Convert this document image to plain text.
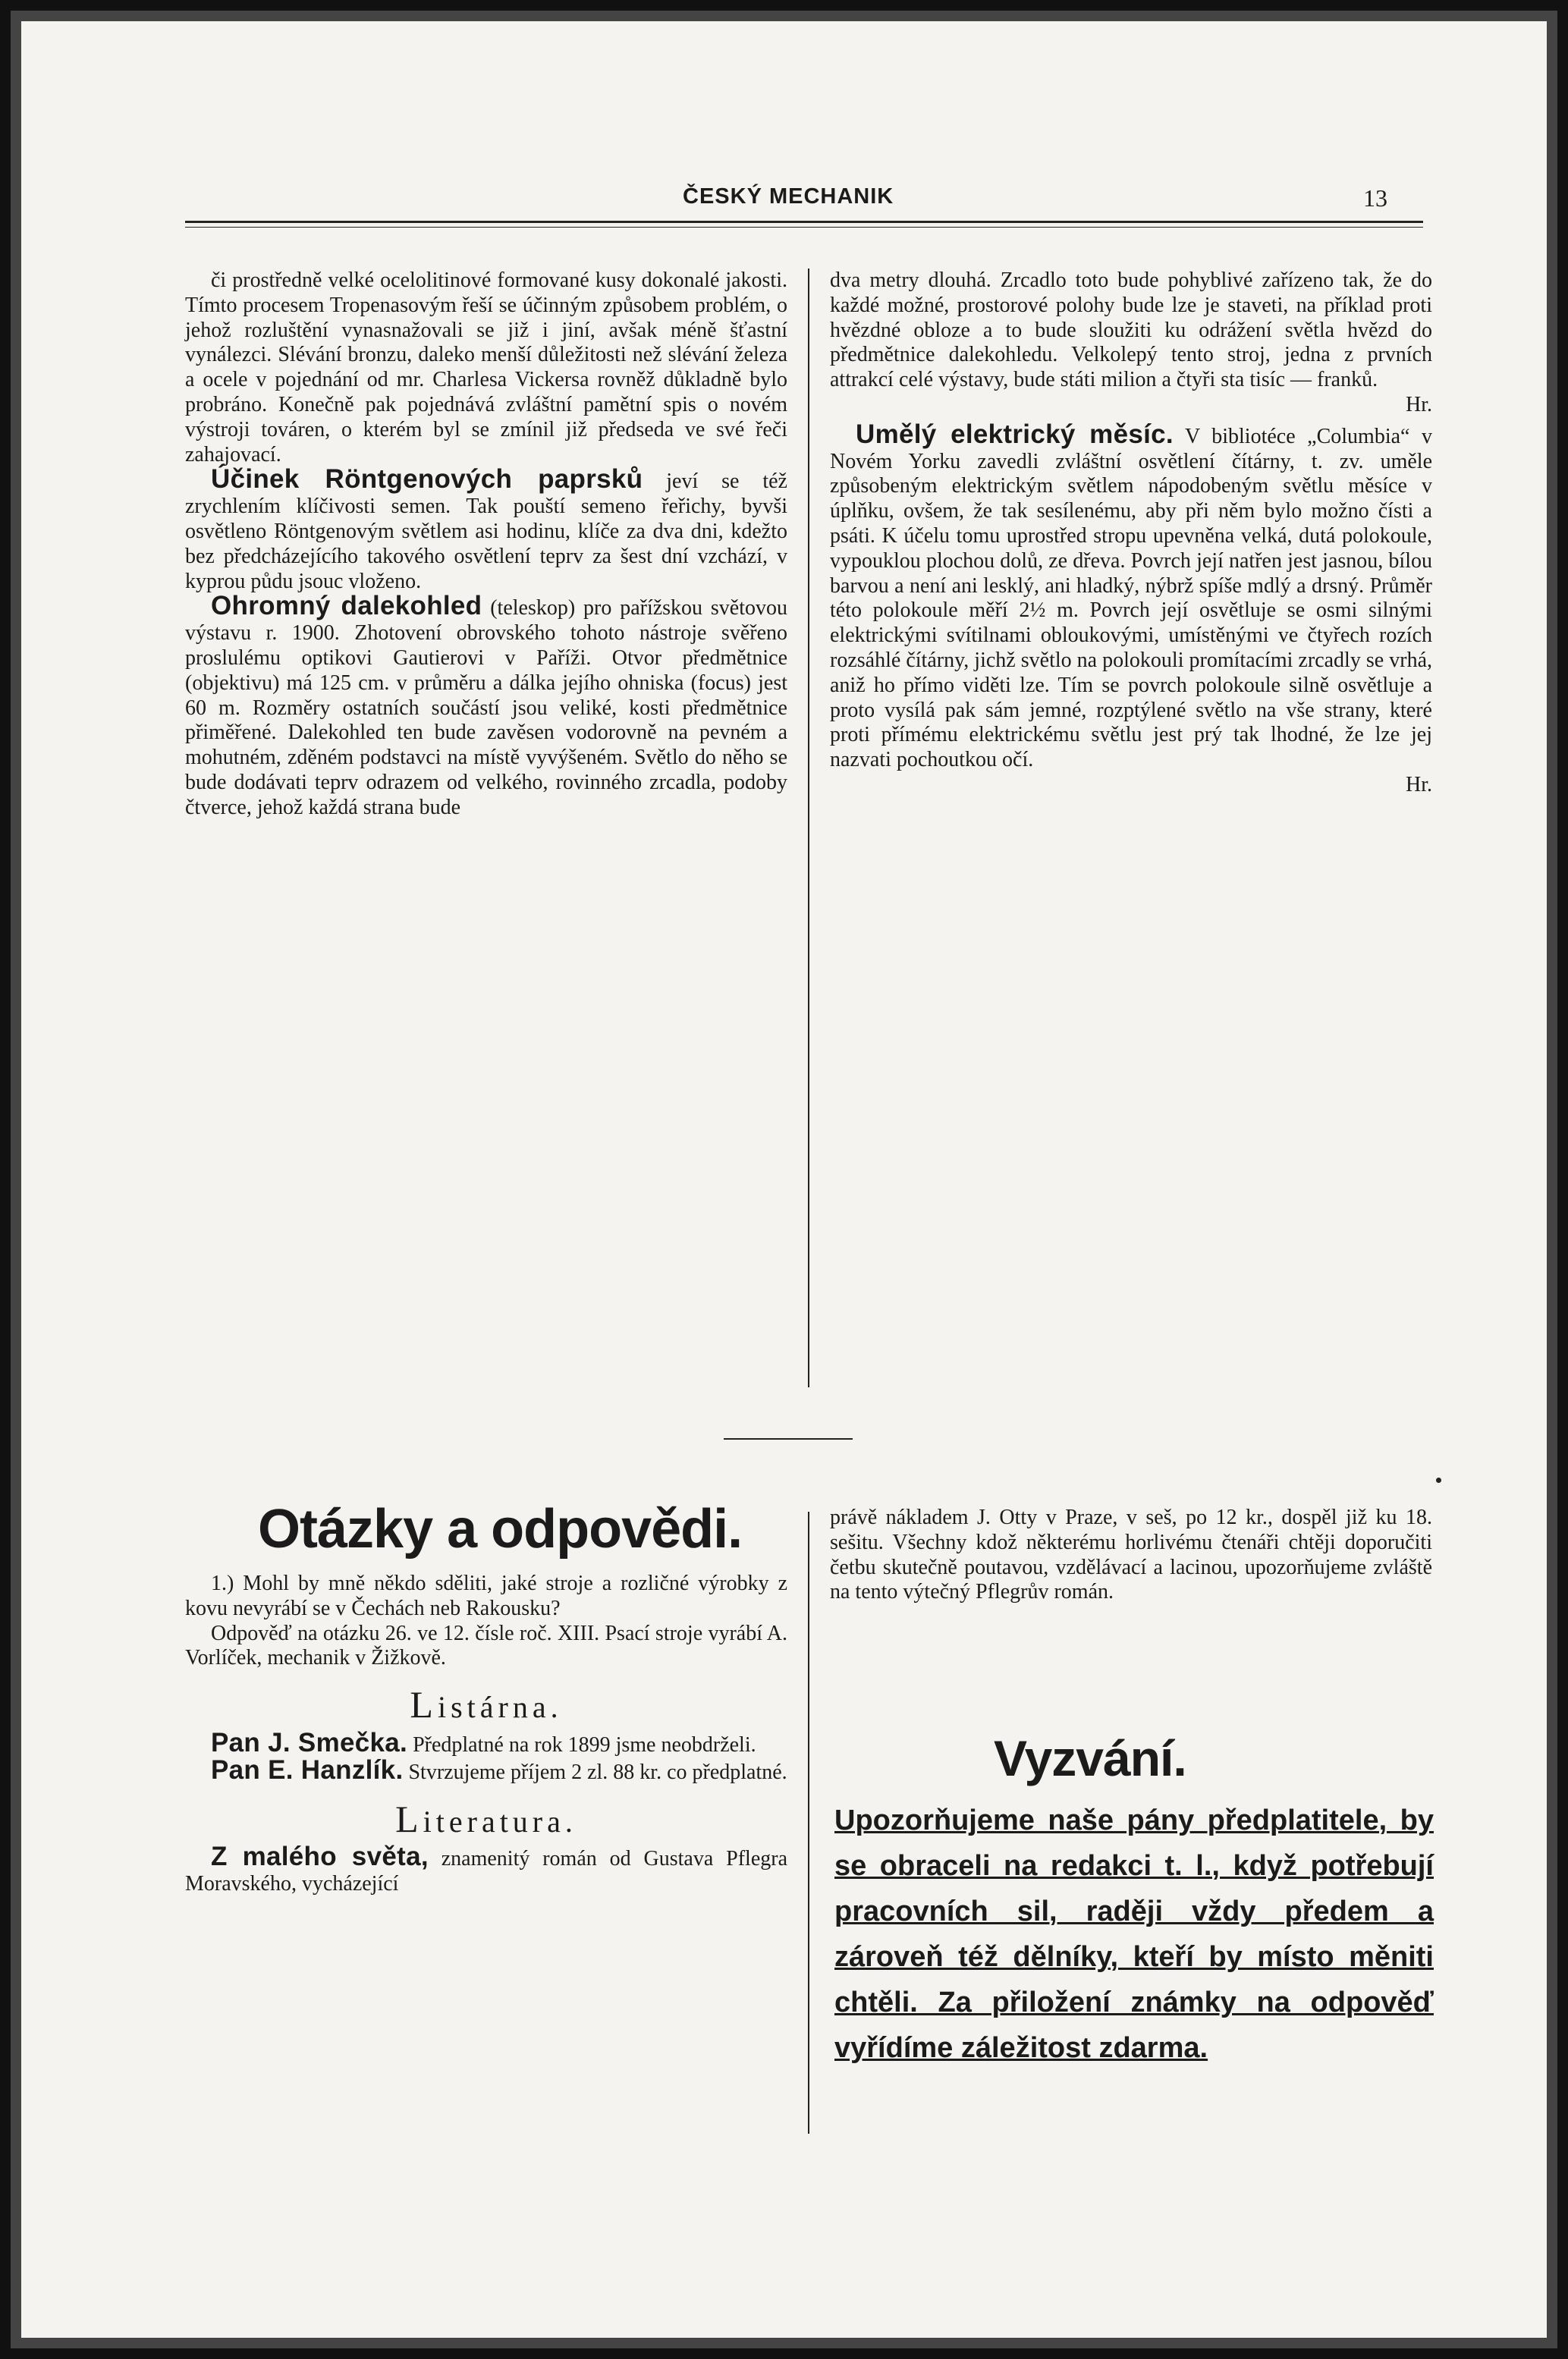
ČESKÝ MECHANIK	13

či prostředně velké ocelolitinové formované kusy dokonalé jakosti. Tímto procesem Tropenasovým řeší se účinným způsobem problém, o jehož rozluštění vynasnažovali se již i jiní, avšak méně šťastní vynálezci. Slévání bronzu, daleko menší důležitosti než slévání železa a ocele v pojednání od mr. Charlesa Vickersa rovněž důkladně bylo probráno. Konečně pak pojednává zvláštní pamětní spis o novém výstroji továren, o kterém byl se zmínil již předseda ve své řeči zahajovací.

Účinek Röntgenových paprsků jeví se též zrychlením klíčivosti semen. Tak pouští semeno řeřichy, byvši osvětleno Röntgenovým světlem asi hodinu, klíče za dva dni, kdežto bez předcházejícího takového osvětlení teprv za šest dní vzchází, v kyprou půdu jsouc vloženo.

Ohromný dalekohled (teleskop) pro pařížskou světovou výstavu r. 1900. Zhotovení obrovského tohoto nástroje svěřeno proslulému optikovi Gautierovi v Paříži. Otvor předmětnice (objektivu) má 125 cm. v průměru a dálka jejího ohniska (focus) jest 60 m. Rozměry ostatních součástí jsou veliké, kosti předmětnice přiměřené. Dalekohled ten bude zavěsen vodorovně na pevném a mohutném, zděném podstavci na místě vyvýšeném. Světlo do něho se bude dodávati teprv odrazem od velkého, rovinného zrcadla, podoby čtverce, jehož každá strana bude

dva metry dlouhá. Zrcadlo toto bude pohyblivé zařízeno tak, že do každé možné, prostorové polohy bude lze je staveti, na příklad proti hvězdné obloze a to bude sloužiti ku odrážení světla hvězd do předmětnice dalekohledu. Velkolepý tento stroj, jedna z prvních attrakcí celé výstavy, bude státi milion a čtyři sta tisíc — franků.

Hr.

Umělý elektrický měsíc. V bibliotéce „Columbia“ v Novém Yorku zavedli zvláštní osvětlení čítárny, t. zv. uměle způsobeným elektrickým světlem nápodobeným světlu měsíce v úplňku, ovšem, že tak sesílenému, aby při něm bylo možno čísti a psáti. K účelu tomu uprostřed stropu upevněna velká, dutá polokoule, vypouklou plochou dolů, ze dřeva. Povrch její natřen jest jasnou, bílou barvou a není ani lesklý, ani hladký, nýbrž spíše mdlý a drsný. Průměr této polokoule měří 2½ m. Povrch její osvětluje se osmi silnými elektrickými svítilnami obloukovými, umístěnými ve čtyřech rozích rozsáhlé čítárny, jichž světlo na polokouli promítacími zrcadly se vrhá, aniž ho přímo viděti lze. Tím se povrch polokoule silně osvětluje a proto vysílá pak sám jemné, rozptýlené světlo na vše strany, které proti přímému elektrickému světlu jest prý tak lhodné, že lze jej nazvati pochoutkou očí.

Hr.

Otázky a odpovědi.

1.) Mohl by mně někdo sděliti, jaké stroje a rozličné výrobky z kovu nevyrábí se v Čechách neb Rakousku?

Odpověď na otázku 26. ve 12. čísle roč. XIII. Psací stroje vyrábí A. Vorlíček, mechanik v Žižkově.

Listárna.

Pan J. Smečka. Předplatné na rok 1899 jsme neobdrželi.

Pan E. Hanzlík. Stvrzujeme příjem 2 zl. 88 kr. co předplatné.

Literatura.

Z malého světa, znamenitý román od Gustava Pflegra Moravského, vycházející

právě nákladem J. Otty v Praze, v seš, po 12 kr., dospěl již ku 18. sešitu. Všechny kdož některému horlivému čtenáři chtěji doporučiti četbu skutečně poutavou, vzdělávací a lacinou, upozorňujeme zvláště na tento výtečný Pflegrův román.

Vyzvání.
Upozorňujeme naše pány předplatitele, by se obraceli na redakci t. l., když potřebují pracovních sil, raději vždy předem a zároveň též dělníky, kteří by místo měniti chtěli. Za přiložení známky na odpověď vyřídíme záležitost zdarma.
